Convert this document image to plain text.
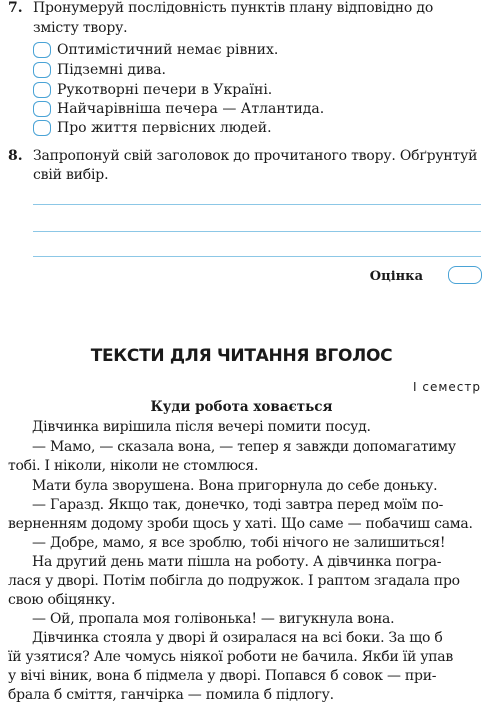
7. Пронумеруй послідовність пунктів плану відповідно до
змісту твору.
Оптимістичний немає рівних.
Підземні дива.
Рукотворні печери в Україні.
Найчарівніша печера — Атлантида.
Про життя первісних людей.
8. Запропонуй свій заголовок до прочитаного твору. Обґрунтуй
свій вибір.
Оцінка
ТЕКСТИ ДЛЯ ЧИТАННЯ ВГОЛОС
І семестр
Куди робота ховається
Дівчинка вирішила після вечері помити посуд.
— Мамо, — сказала вона, — тепер я завжди допомагатиму
тобі. І ніколи, ніколи не стомлюся.
Мати була зворушена. Вона пригорнула до себе доньку.
— Гаразд. Якщо так, донечко, тоді завтра перед моїм по-
верненням додому зроби щось у хаті. Що саме — побачиш сама.
— Добре, мамо, я все зроблю, тобі нічого не залишиться!
На другий день мати пішла на роботу. А дівчинка погра-
лася у дворі. Потім побігла до подружок. І раптом згадала про
свою обіцянку.
— Ой, пропала моя голівонька! — вигукнула вона.
Дівчинка стояла у дворі й озиралася на всі боки. За що б
їй узятися? Але чомусь ніякої роботи не бачила. Якби їй упав
у вічі віник, вона б підмела у дворі. Попався б совок — при-
брала б сміття, ганчірка — помила б підлогу.
